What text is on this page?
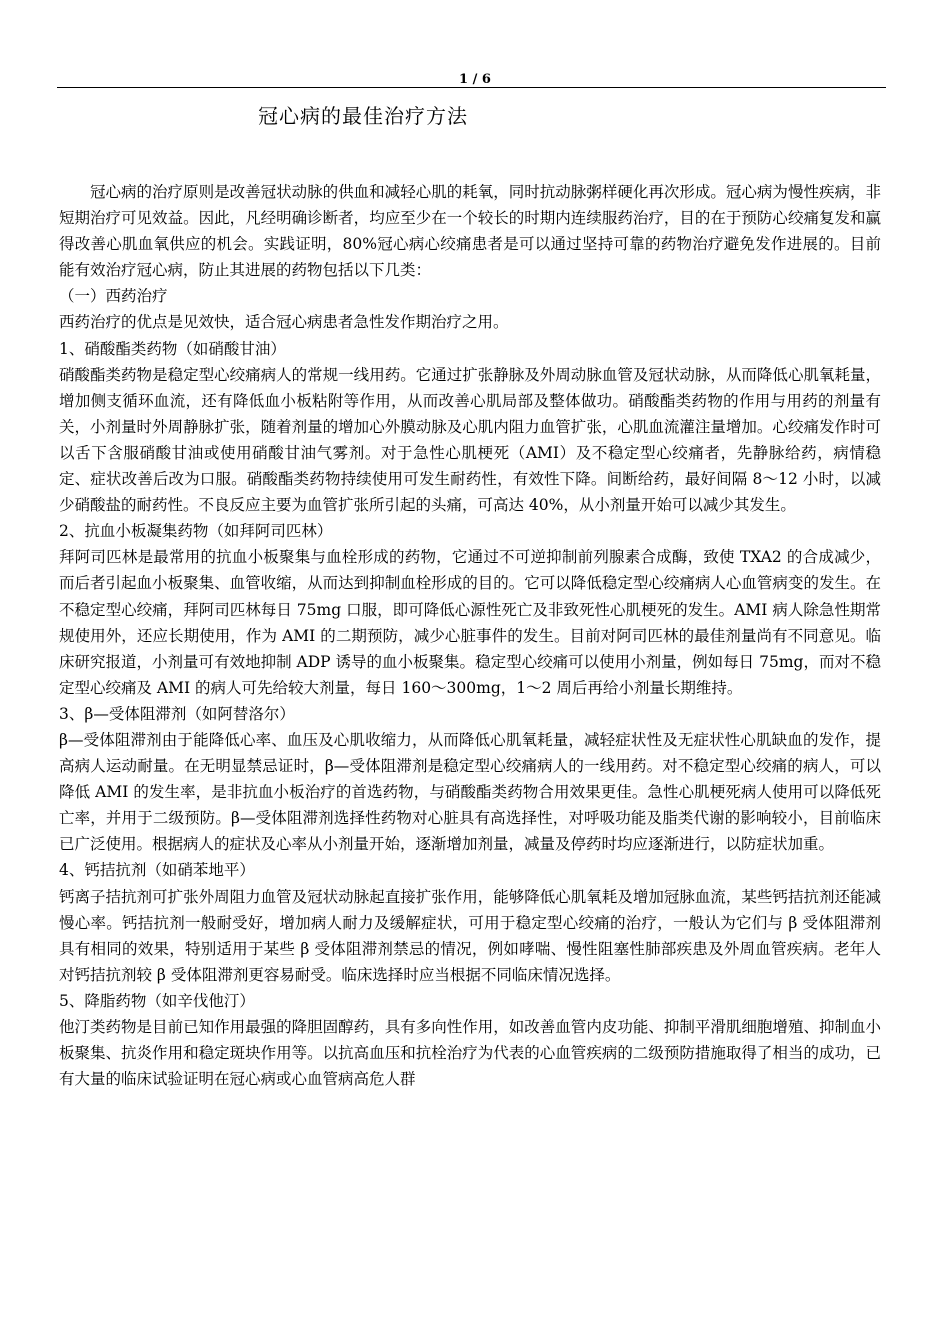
1 / 6
冠心病的最佳治疗方法

冠心病的治疗原则是改善冠状动脉的供血和减轻心肌的耗氧，同时抗动脉粥样硬化再次形成。冠心病为慢性疾病，非短期治疗可见效益。因此，凡经明确诊断者，均应至少在一个较长的时期内连续服药治疗，目的在于预防心绞痛复发和赢得改善心肌血氧供应的机会。实践证明，80%冠心病心绞痛患者是可以通过坚持可靠的药物治疗避免发作进展的。目前能有效治疗冠心病，防止其进展的药物包括以下几类：

（一）西药治疗

西药治疗的优点是见效快，适合冠心病患者急性发作期治疗之用。

1、硝酸酯类药物（如硝酸甘油）

硝酸酯类药物是稳定型心绞痛病人的常规一线用药。它通过扩张静脉及外周动脉血管及冠状动脉，从而降低心肌氧耗量，增加侧支循环血流，还有降低血小板粘附等作用，从而改善心肌局部及整体做功。硝酸酯类药物的作用与用药的剂量有关，小剂量时外周静脉扩张，随着剂量的增加心外膜动脉及心肌内阻力血管扩张，心肌血流灌注量增加。心绞痛发作时可以舌下含服硝酸甘油或使用硝酸甘油气雾剂。对于急性心肌梗死（AMI）及不稳定型心绞痛者，先静脉给药，病情稳定、症状改善后改为口服。硝酸酯类药物持续使用可发生耐药性，有效性下降。间断给药，最好间隔 8～12 小时，以减少硝酸盐的耐药性。不良反应主要为血管扩张所引起的头痛，可高达 40%，从小剂量开始可以减少其发生。

2、抗血小板凝集药物（如拜阿司匹林）

拜阿司匹林是最常用的抗血小板聚集与血栓形成的药物，它通过不可逆抑制前列腺素合成酶，致使 TXA2 的合成减少，而后者引起血小板聚集、血管收缩，从而达到抑制血栓形成的目的。它可以降低稳定型心绞痛病人心血管病变的发生。在不稳定型心绞痛，拜阿司匹林每日 75mg 口服，即可降低心源性死亡及非致死性心肌梗死的发生。AMI 病人除急性期常规使用外，还应长期使用，作为 AMI 的二期预防，减少心脏事件的发生。目前对阿司匹林的最佳剂量尚有不同意见。临床研究报道，小剂量可有效地抑制 ADP 诱导的血小板聚集。稳定型心绞痛可以使用小剂量，例如每日 75mg，而对不稳定型心绞痛及 AMI 的病人可先给较大剂量，每日 160～300mg，1～2 周后再给小剂量长期维持。

3、β—受体阻滞剂（如阿替洛尔）

β—受体阻滞剂由于能降低心率、血压及心肌收缩力，从而降低心肌氧耗量，减轻症状性及无症状性心肌缺血的发作，提高病人运动耐量。在无明显禁忌证时，β—受体阻滞剂是稳定型心绞痛病人的一线用药。对不稳定型心绞痛的病人，可以降低 AMI 的发生率，是非抗血小板治疗的首选药物，与硝酸酯类药物合用效果更佳。急性心肌梗死病人使用可以降低死亡率，并用于二级预防。β—受体阻滞剂选择性药物对心脏具有高选择性，对呼吸功能及脂类代谢的影响较小，目前临床已广泛使用。根据病人的症状及心率从小剂量开始，逐渐增加剂量，减量及停药时均应逐渐进行，以防症状加重。

4、钙拮抗剂（如硝苯地平）

钙离子拮抗剂可扩张外周阻力血管及冠状动脉起直接扩张作用，能够降低心肌氧耗及增加冠脉血流，某些钙拮抗剂还能减慢心率。钙拮抗剂一般耐受好，增加病人耐力及缓解症状，可用于稳定型心绞痛的治疗，一般认为它们与 β 受体阻滞剂具有相同的效果，特别适用于某些 β 受体阻滞剂禁忌的情况，例如哮喘、慢性阻塞性肺部疾患及外周血管疾病。老年人对钙拮抗剂较 β 受体阻滞剂更容易耐受。临床选择时应当根据不同临床情况选择。

5、降脂药物（如辛伐他汀）

他汀类药物是目前已知作用最强的降胆固醇药，具有多向性作用，如改善血管内皮功能、抑制平滑肌细胞增殖、抑制血小板聚集、抗炎作用和稳定斑块作用等。以抗高血压和抗栓治疗为代表的心血管疾病的二级预防措施取得了相当的成功，已有大量的临床试验证明在冠心病或心血管病高危人群
